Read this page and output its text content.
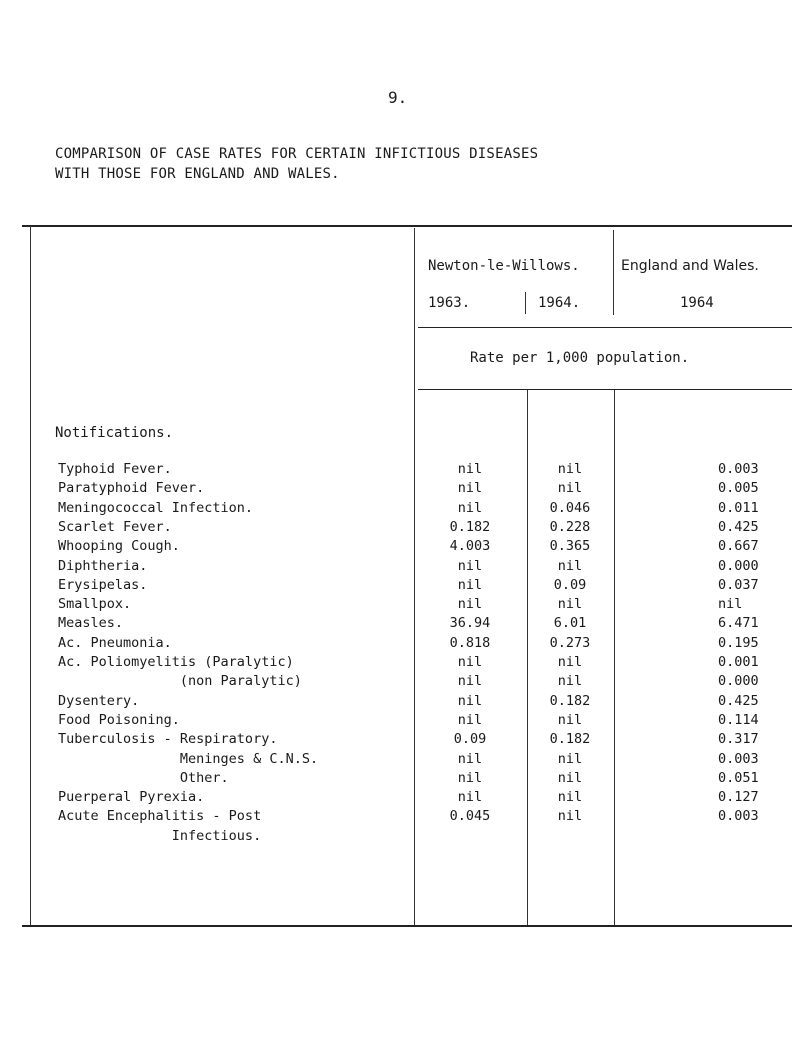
9.
COMPARISON OF CASE RATES FOR CERTAIN INFICTIOUS DISEASES
WITH THOSE FOR ENGLAND AND WALES.
Newton-le-Willows.	England and Wales.
1963.	1964.	1964
Rate per 1,000 population.
Notifications.
Typhoid Fever.	nil	nil	0.003
Paratyphoid Fever.	nil	nil	0.005
Meningococcal Infection.	nil	0.046	0.011
Scarlet Fever.	0.182	0.228	0.425
Whooping Cough.	4.003	0.365	0.667
Diphtheria.	nil	nil	0.000
Erysipelas.	nil	0.09	0.037
Smallpox.	nil	nil	nil
Measles.	36.94	6.01	6.471
Ac. Pneumonia.	0.818	0.273	0.195
Ac. Poliomyelitis (Paralytic)	nil	nil	0.001
(non Paralytic)	nil	nil	0.000
Dysentery.	nil	0.182	0.425
Food Poisoning.	nil	nil	0.114
Tuberculosis - Respiratory.	0.09	0.182	0.317
Meninges & C.N.S.	nil	nil	0.003
Other.	nil	nil	0.051
Puerperal Pyrexia.	nil	nil	0.127
Acute Encephalitis - Post	0.045	nil	0.003
Infectious.
